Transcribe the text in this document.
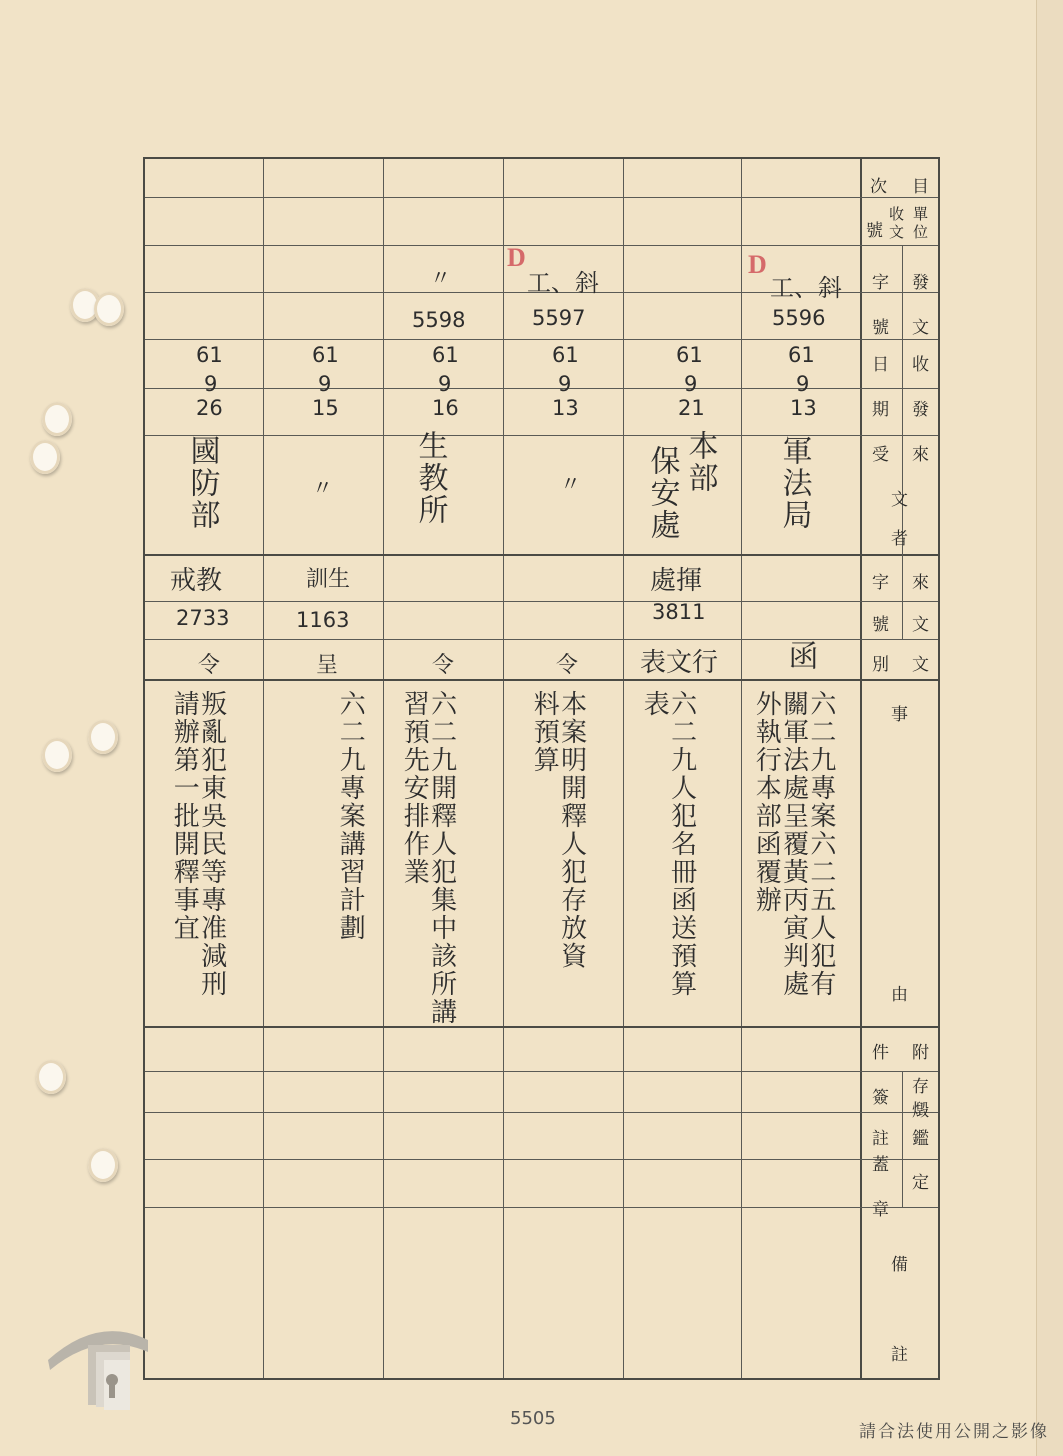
次 目
號
收文
單位
字 發
號 文
收
日
期 發
受 來
文
者
字 來
號 文
別 文
事
由
件 附
簽
存
燬
註 鑑
定
蓋
章
備
註
D
D
工、斜
工、斜
〃
軍法局
61
9
13
5596
函
六二九專案六二五人犯有關軍法處呈覆黃丙寅判處外執行本部函覆辦
61
9
21
本部
保安處
3811
處揮
表文行
六二九人犯名冊函送預算表
5597
61
9
13
〃
令
本案明開釋人犯存放資料預算
5598
61
9
16
生教所
令
六二九開釋人犯集中該所講習預先安排作業
61
9
15
〃
訓生
1163
呈
六二九專案講習計劃
61
9
26
國防部
戒教
2733
令
叛亂犯東吳民等專准減刑請辦第一批開釋事宜
5505
請合法使用公開之影像
